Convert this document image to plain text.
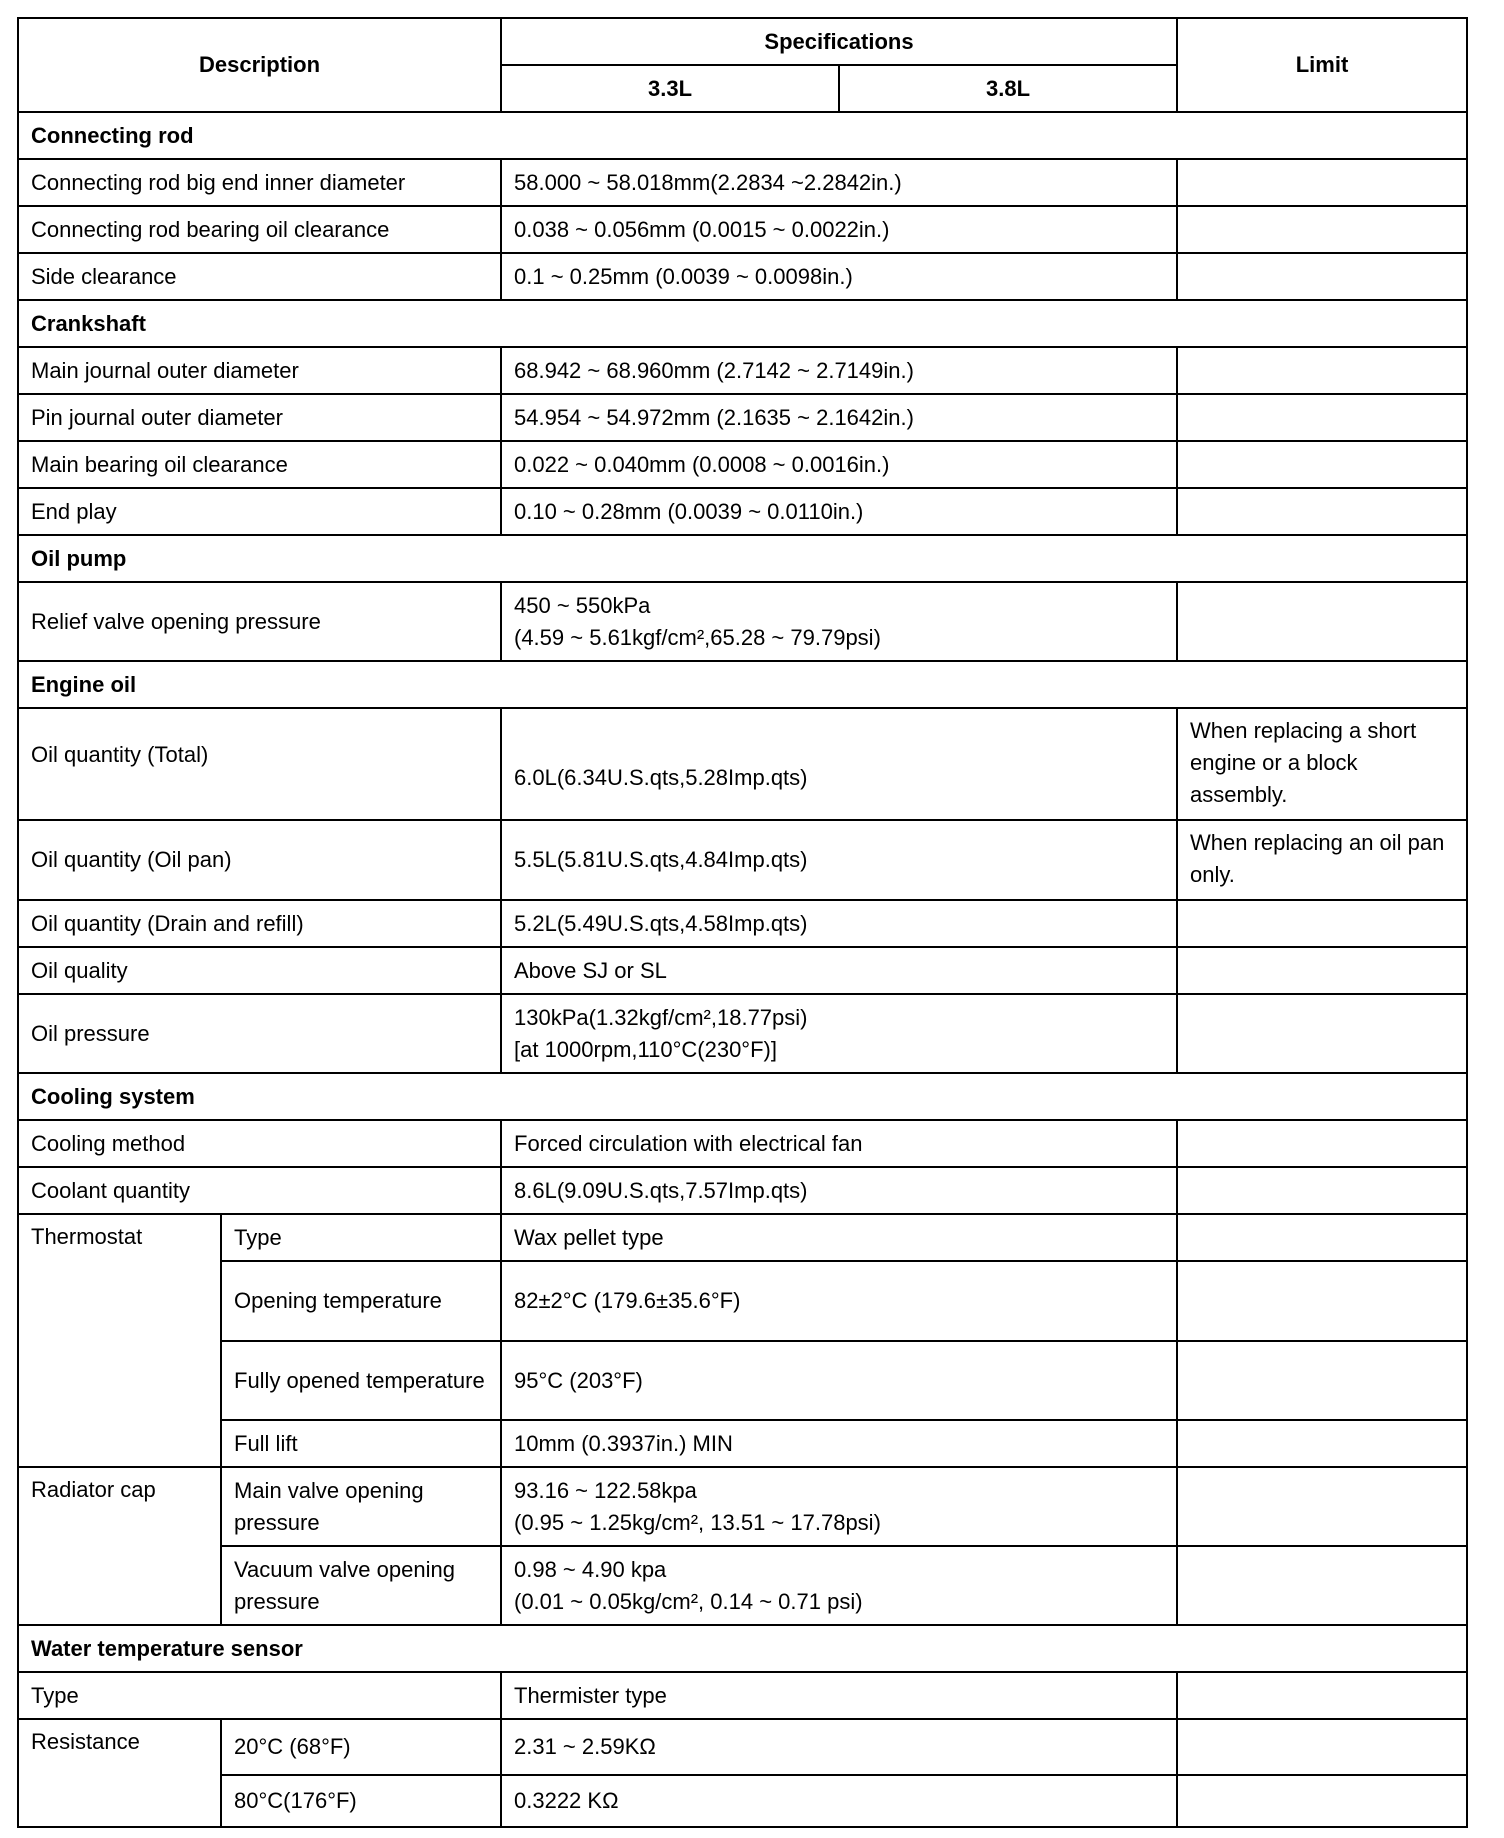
Description		Specifications		Limit
		3.3L	3.8L	
Connecting rod				
Connecting rod big end inner diameter		58.000 ~ 58.018mm(2.2834 ~2.2842in.)		
Connecting rod bearing oil clearance		0.038 ~ 0.056mm (0.0015 ~ 0.0022in.)		
Side clearance		0.1 ~ 0.25mm (0.0039 ~ 0.0098in.)		
Crankshaft				
Main journal outer diameter		68.942 ~ 68.960mm (2.7142 ~ 2.7149in.)		
Pin journal outer diameter		54.954 ~ 54.972mm (2.1635 ~ 2.1642in.)		
Main bearing oil clearance		0.022 ~ 0.040mm (0.0008 ~ 0.0016in.)		
End play		0.10 ~ 0.28mm (0.0039 ~ 0.0110in.)		
Oil pump				
Relief valve opening pressure		450 ~ 550kPa
(4.59 ~ 5.61kgf/cm²,65.28 ~ 79.79psi)		

Engine oil				
Oil quantity (Total)		6.0L(6.34U.S.qts,5.28Imp.qts)		When replacing a short engine or a block assembly.
Oil quantity (Oil pan)		5.5L(5.81U.S.qts,4.84Imp.qts)		When replacing an oil pan only.
Oil quantity (Drain and refill)		5.2L(5.49U.S.qts,4.58Imp.qts)		
Oil quality		Above SJ or SL		
Oil pressure		130kPa(1.32kgf/cm²,18.77psi)
[at 1000rpm,110°C(230°F)]		

Cooling system				
Cooling method		Forced circulation with electrical fan		
Coolant quantity		8.6L(9.09U.S.qts,7.57Imp.qts)		
Thermostat	Type	Wax pellet type		
	Opening temperature	82±2°C (179.6±35.6°F)		
	Fully opened temperature	95°C (203°F)		
	Full lift	10mm (0.3937in.) MIN		
Radiator cap	Main valve opening pressure	93.16 ~ 122.58kpa
(0.95 ~ 1.25kg/cm², 13.51 ~ 17.78psi)		

	Vacuum valve opening pressure	0.98 ~ 4.90 kpa
(0.01 ~ 0.05kg/cm², 0.14 ~ 0.71 psi)		

Water temperature sensor				
Type		Thermister type		
Resistance	20°C (68°F)	2.31 ~ 2.59KΩ		
	80°C(176°F)	0.3222 KΩ		
